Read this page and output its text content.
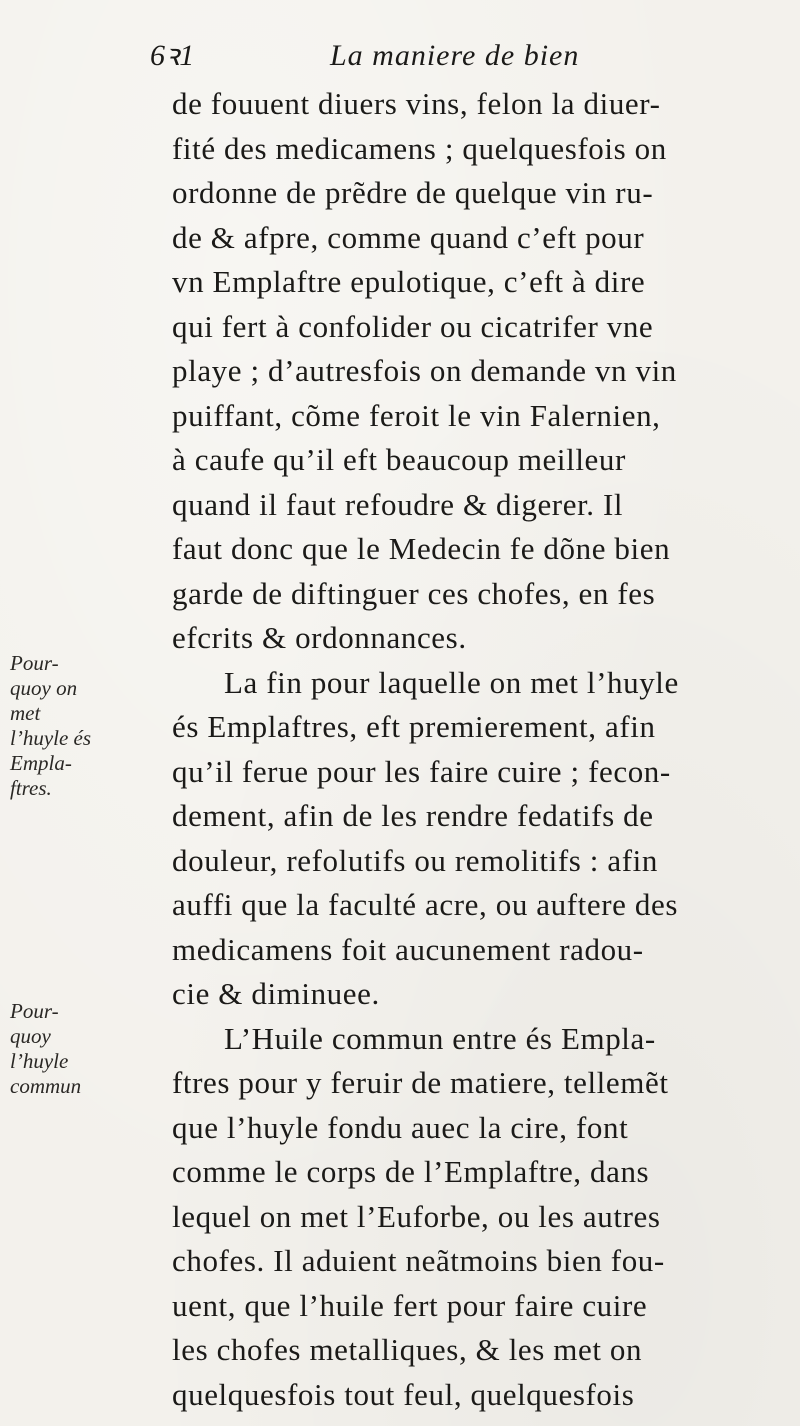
6ꝛ1	La maniere de bien
de fouuent diuers vins, felon la diuer-
fité des medicamens ; quelquesfois on
ordonne de prẽdre de quelque vin ru-
de & afpre, comme quand c’eft pour
vn Emplaftre epulotique, c’eft à dire
qui fert à confolider ou cicatrifer vne
playe ; d’autresfois on demande vn vin
puiffant, cõme feroit le vin Falernien,
à caufe qu’il eft beaucoup meilleur
quand il faut refoudre & digerer. Il
faut donc que le Medecin fe dõne bien
garde de diftinguer ces chofes, en fes
efcrits & ordonnances.
La fin pour laquelle on met l’huyle
és Emplaftres, eft premierement, afin
qu’il ferue pour les faire cuire ; fecon-
dement, afin de les rendre fedatifs de
douleur, refolutifs ou remolitifs : afin
auffi que la faculté acre, ou aufterе des
medicamens foit aucunement radou-
cie & diminuee.
L’Huile commun entre és Empla-
ftres pour y feruir de matiere, tellemẽt
que l’huyle fondu auec la cire, font
comme le corps de l’Emplaftre, dans
lequel on met l’Euforbe, ou les autres
chofes. Il aduient neãtmoins bien fou-
uent, que l’huile fert pour faire cuire
les chofes metalliques, & les met on
quelquesfois tout feul, quelquesfois
Pour-
quoy on
met
l’huyle és
Empla-
ftres.
Pour-
quoy
l’huyle
commun
